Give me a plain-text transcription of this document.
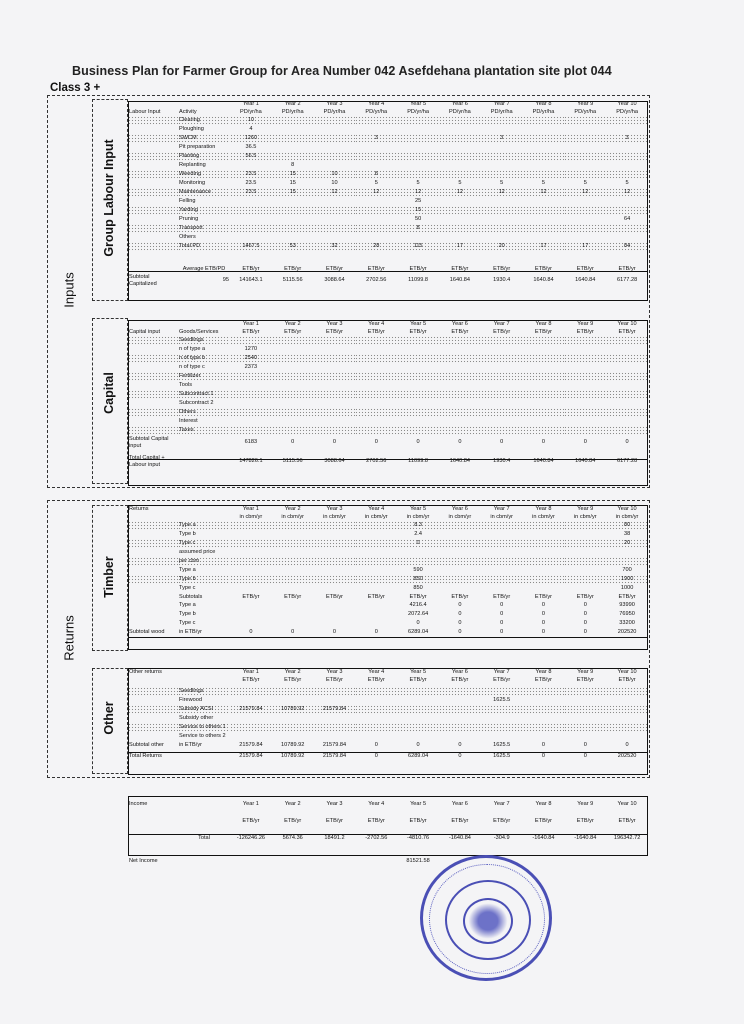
Business Plan for Farmer Group for Area Number 042 Asefdehana plantation site plot 044
Class 3 +
Inputs
Group Labour Input
Capital
Returns
Timber
Other
		Year 1	Year 2	Year 3	Year 4	Year 5	Year 6	Year 7	Year 8	Year 9	Year 10
Labour Input	Activity	PD/yr/ha	PD/yr/ha	PD/yr/ha	PD/yr/ha	PD/yr/ha	PD/yr/ha	PD/yr/ha	PD/yr/ha	PD/yr/ha	PD/yr/ha
	Clearing	10									
	Ploughing	4									
	SWCM	1260			3			3			3
	Pit preparation	36.5									
	Planting	56.5									
	Replanting		8								
	Weeding	23.5	15	10	8						
	Monitoring	23.5	15	10	5	5	5	5	5	5	5
	Maintenance	23.5	15	12	12	12	12	12	12	12	12
	Felling					25					
	Yarding					15					
	Pruning					50					64
	Transport					8					
	Others										
	Total PD	1467.5	53	32	28	115	17	20	17	17	84

	Average ETB/PD	ETB/yr	ETB/yr	ETB/yr	ETB/yr	ETB/yr	ETB/yr	ETB/yr	ETB/yr	ETB/yr	ETB/yr
Subtotal Capitalized	95	141643.1	5115.56	3088.64	2702.56	11099.8	1640.84	1930.4	1640.84	1640.84	6177.28
		Year 1	Year 2	Year 3	Year 4	Year 5	Year 6	Year 7	Year 8	Year 9	Year 10
Capital input	Goods/Services	ETB/yr	ETB/yr	ETB/yr	ETB/yr	ETB/yr	ETB/yr	ETB/yr	ETB/yr	ETB/yr	ETB/yr
	Seedlings										
	n of type a	1270									
	n of type b	2540									
	n of type c	2373									
	Fertilizer										
	Tools										
	Subcontract 1										
	Subcontract 2										
	Others										
	Interest										
	Taxes										
Subtotal Capital input		6183	0	0	0	0	0	0	0	0	0

Total Capital + Labour input		147826.1	5115.56	3088.64	2702.56	11099.8	1640.84	1930.4	1640.84	1640.84	6177.28
Returns		Year 1	Year 2	Year 3	Year 4	Year 5	Year 6	Year 7	Year 8	Year 9	Year 10
		in cbm/yr	in cbm/yr	in cbm/yr	in cbm/yr	in cbm/yr	in cbm/yr	in cbm/yr	in cbm/yr	in cbm/yr	in cbm/yr
	Type a					8.3					80
	Type b					2.4					38
	Type c					0					20
	assumed price										
	per cbm										
	Type a					590					700
	Type b					850					1900
	Type c					850					1000
	Subtotals	ETB/yr	ETB/yr	ETB/yr	ETB/yr	ETB/yr	ETB/yr	ETB/yr	ETB/yr	ETB/yr	ETB/yr
	Type a					4216.4	0	0	0	0	93990
	Type b					2072.64	0	0	0	0	76950
	Type c					0	0	0	0	0	33200
Subtotal wood	in ETB/yr	0	0	0	0	6289.04	0	0	0	0	202520
Other returns		Year 1	Year 2	Year 3	Year 4	Year 5	Year 6	Year 7	Year 8	Year 9	Year 10
		ETB/yr	ETB/yr	ETB/yr	ETB/yr	ETB/yr	ETB/yr	ETB/yr	ETB/yr	ETB/yr	ETB/yr

	Seedlings										
	Firewood							1625.5			
	Subsidy ACSI	21579.84	10789.92	21579.84							
	Subsidy other										
	Service to others 1										
	Service to others 2										
Subtotal other	in ETB/yr	21579.84	10789.92	21579.84	0	0	0	1625.5	0	0	0
Total Returns		21579.84	10789.92	21579.84	0	6289.04	0	1625.5	0	0	202520
Income		Year 1	Year 2	Year 3	Year 4	Year 5	Year 6	Year 7	Year 8	Year 9	Year 10

		ETB/yr	ETB/yr	ETB/yr	ETB/yr	ETB/yr	ETB/yr	ETB/yr	ETB/yr	ETB/yr	ETB/yr

	Total	-126246.26	5674.36	18491.2	-2702.56	-4810.76	-1640.84	-304.9	-1640.84	-1640.84	196342.72
Net Income						81521.58					
